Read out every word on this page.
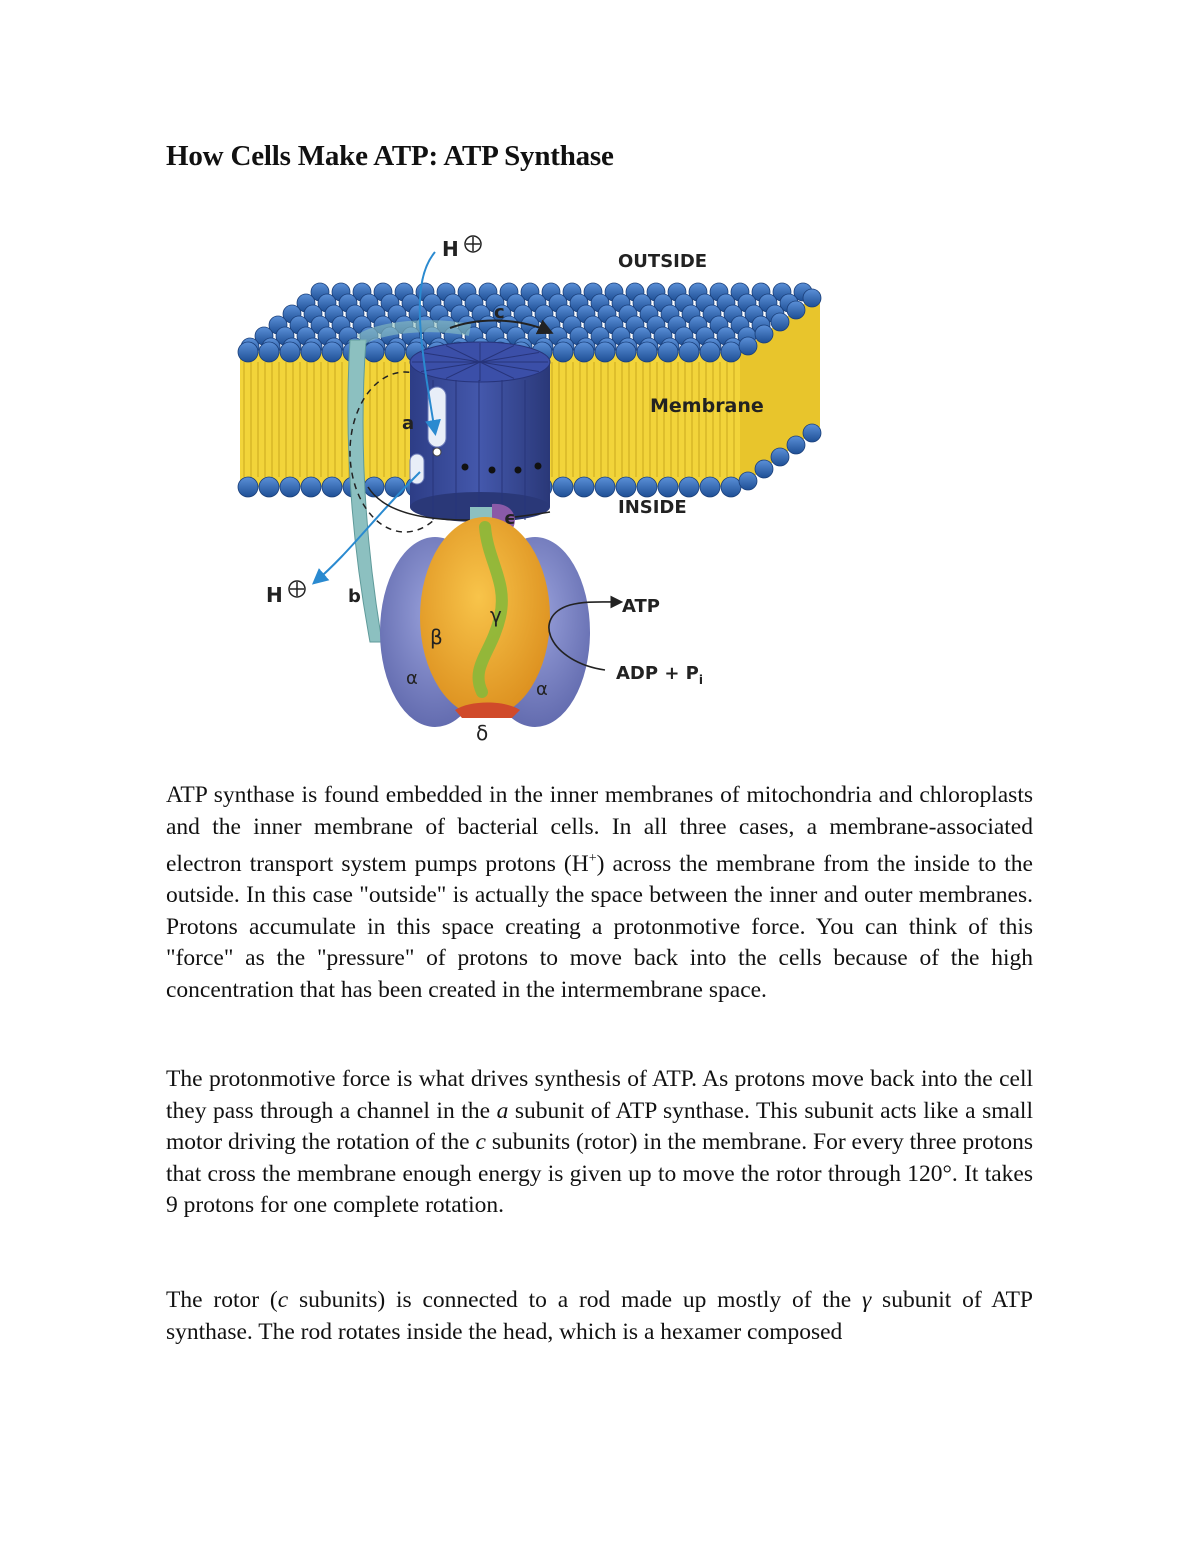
How Cells Make ATP: ATP Synthase
H
OUTSIDE
c
Membrane
a
INSIDE
ϵ
H	b
γ
β
α
α
δ
ATP
ADP + $P_i$

ATP synthase is found embedded in the inner membranes of mitochondria and chloroplasts and the inner membrane of bacterial cells. In all three cases, a membrane-associated electron transport system pumps protons (H+) across the membrane from the inside to the outside. In this case "outside" is actually the space between the inner and outer membranes. Protons accumulate in this space creating a protonmotive force. You can think of this "force" as the "pressure" of protons to move back into the cells because of the high concentration that has been created in the intermembrane space.

The protonmotive force is what drives synthesis of ATP. As protons move back into the cell they pass through a channel in the a subunit of ATP synthase. This subunit acts like a small motor driving the rotation of the c subunits (rotor) in the membrane. For every three protons that cross the membrane enough energy is given up to move the rotor through 120°. It takes 9 protons for one complete rotation.

The rotor (c subunits) is connected to a rod made up mostly of the γ subunit of ATP synthase. The rod rotates inside the head, which is a hexamer composed
